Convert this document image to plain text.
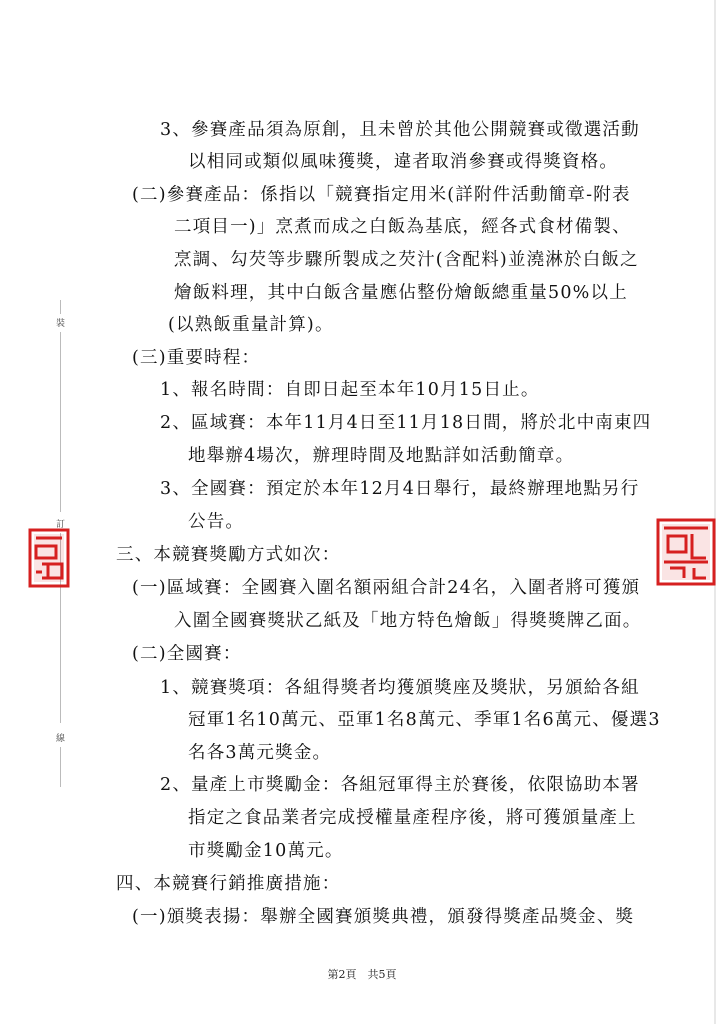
裝
訂
線
3、參賽產品須為原創，且未曾於其他公開競賽或徵選活動
以相同或類似風味獲獎，違者取消參賽或得獎資格。
(二)參賽產品：係指以「競賽指定用米(詳附件活動簡章-附表
二項目一)」烹煮而成之白飯為基底，經各式食材備製、
烹調、勾芡等步驟所製成之芡汁(含配料)並澆淋於白飯之
燴飯料理，其中白飯含量應佔整份燴飯總重量50%以上
(以熟飯重量計算)。
(三)重要時程：
1、報名時間：自即日起至本年10月15日止。
2、區域賽：本年11月4日至11月18日間，將於北中南東四
地舉辦4場次，辦理時間及地點詳如活動簡章。
3、全國賽：預定於本年12月4日舉行，最終辦理地點另行
公告。
三、本競賽獎勵方式如次：
(一)區域賽：全國賽入圍名額兩組合計24名，入圍者將可獲頒
入圍全國賽獎狀乙紙及「地方特色燴飯」得獎獎牌乙面。
(二)全國賽：
1、競賽獎項：各組得獎者均獲頒獎座及獎狀，另頒給各組
冠軍1名10萬元、亞軍1名8萬元、季軍1名6萬元、優選3
名各3萬元獎金。
2、量產上市獎勵金：各組冠軍得主於賽後，依限協助本署
指定之食品業者完成授權量產程序後，將可獲頒量產上
市獎勵金10萬元。
四、本競賽行銷推廣措施：
(一)頒獎表揚：舉辦全國賽頒獎典禮，頒發得獎產品獎金、獎
第2頁　共5頁
